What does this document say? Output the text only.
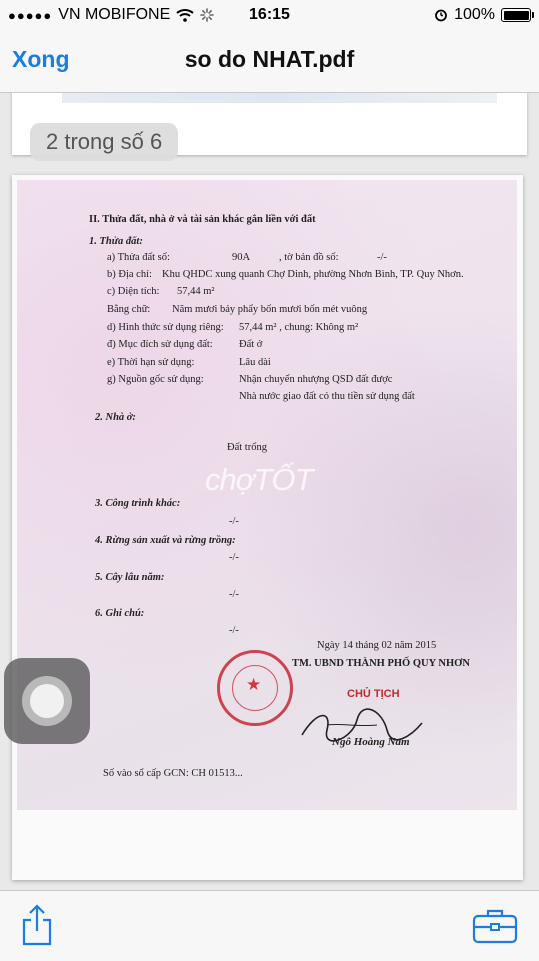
●●●●● VN MOBIFONE	16:15	100%
Xong	so do NHAT.pdf
2 trong số 6
II. Thửa đất, nhà ở và tài sản khác gắn liền với đất
1. Thửa đất:
a) Thửa đất số:	90A	, tờ bản đồ số:	-/-
b) Địa chỉ: Khu QHDC xung quanh Chợ Dinh, phường Nhơn Bình, TP. Quy Nhơn.
c) Diện tích: 57,44 m²
Bằng chữ: Năm mươi bảy phẩy bốn mươi bốn mét vuông
d) Hình thức sử dụng riêng: 57,44 m² , chung: Không m²
đ) Mục đích sử dụng đất:	Đất ở
e) Thời hạn sử dụng:	Lâu dài
g) Nguồn gốc sử dụng:	Nhận chuyển nhượng QSD đất được
Nhà nước giao đất có thu tiền sử dụng đất
2. Nhà ở:
Đất trống
chợTỐT
3. Công trình khác:
-/-
4. Rừng sản xuất và rừng trồng:
-/-
5. Cây lâu năm:
-/-
6. Ghi chú:
-/-
Ngày 14 tháng 02 năm 2015
TM. UBND THÀNH PHỐ QUY NHƠN
★	CHỦ TỊCH
Ngô Hoàng Nam
Số vào sổ cấp GCN: CH 01513...
